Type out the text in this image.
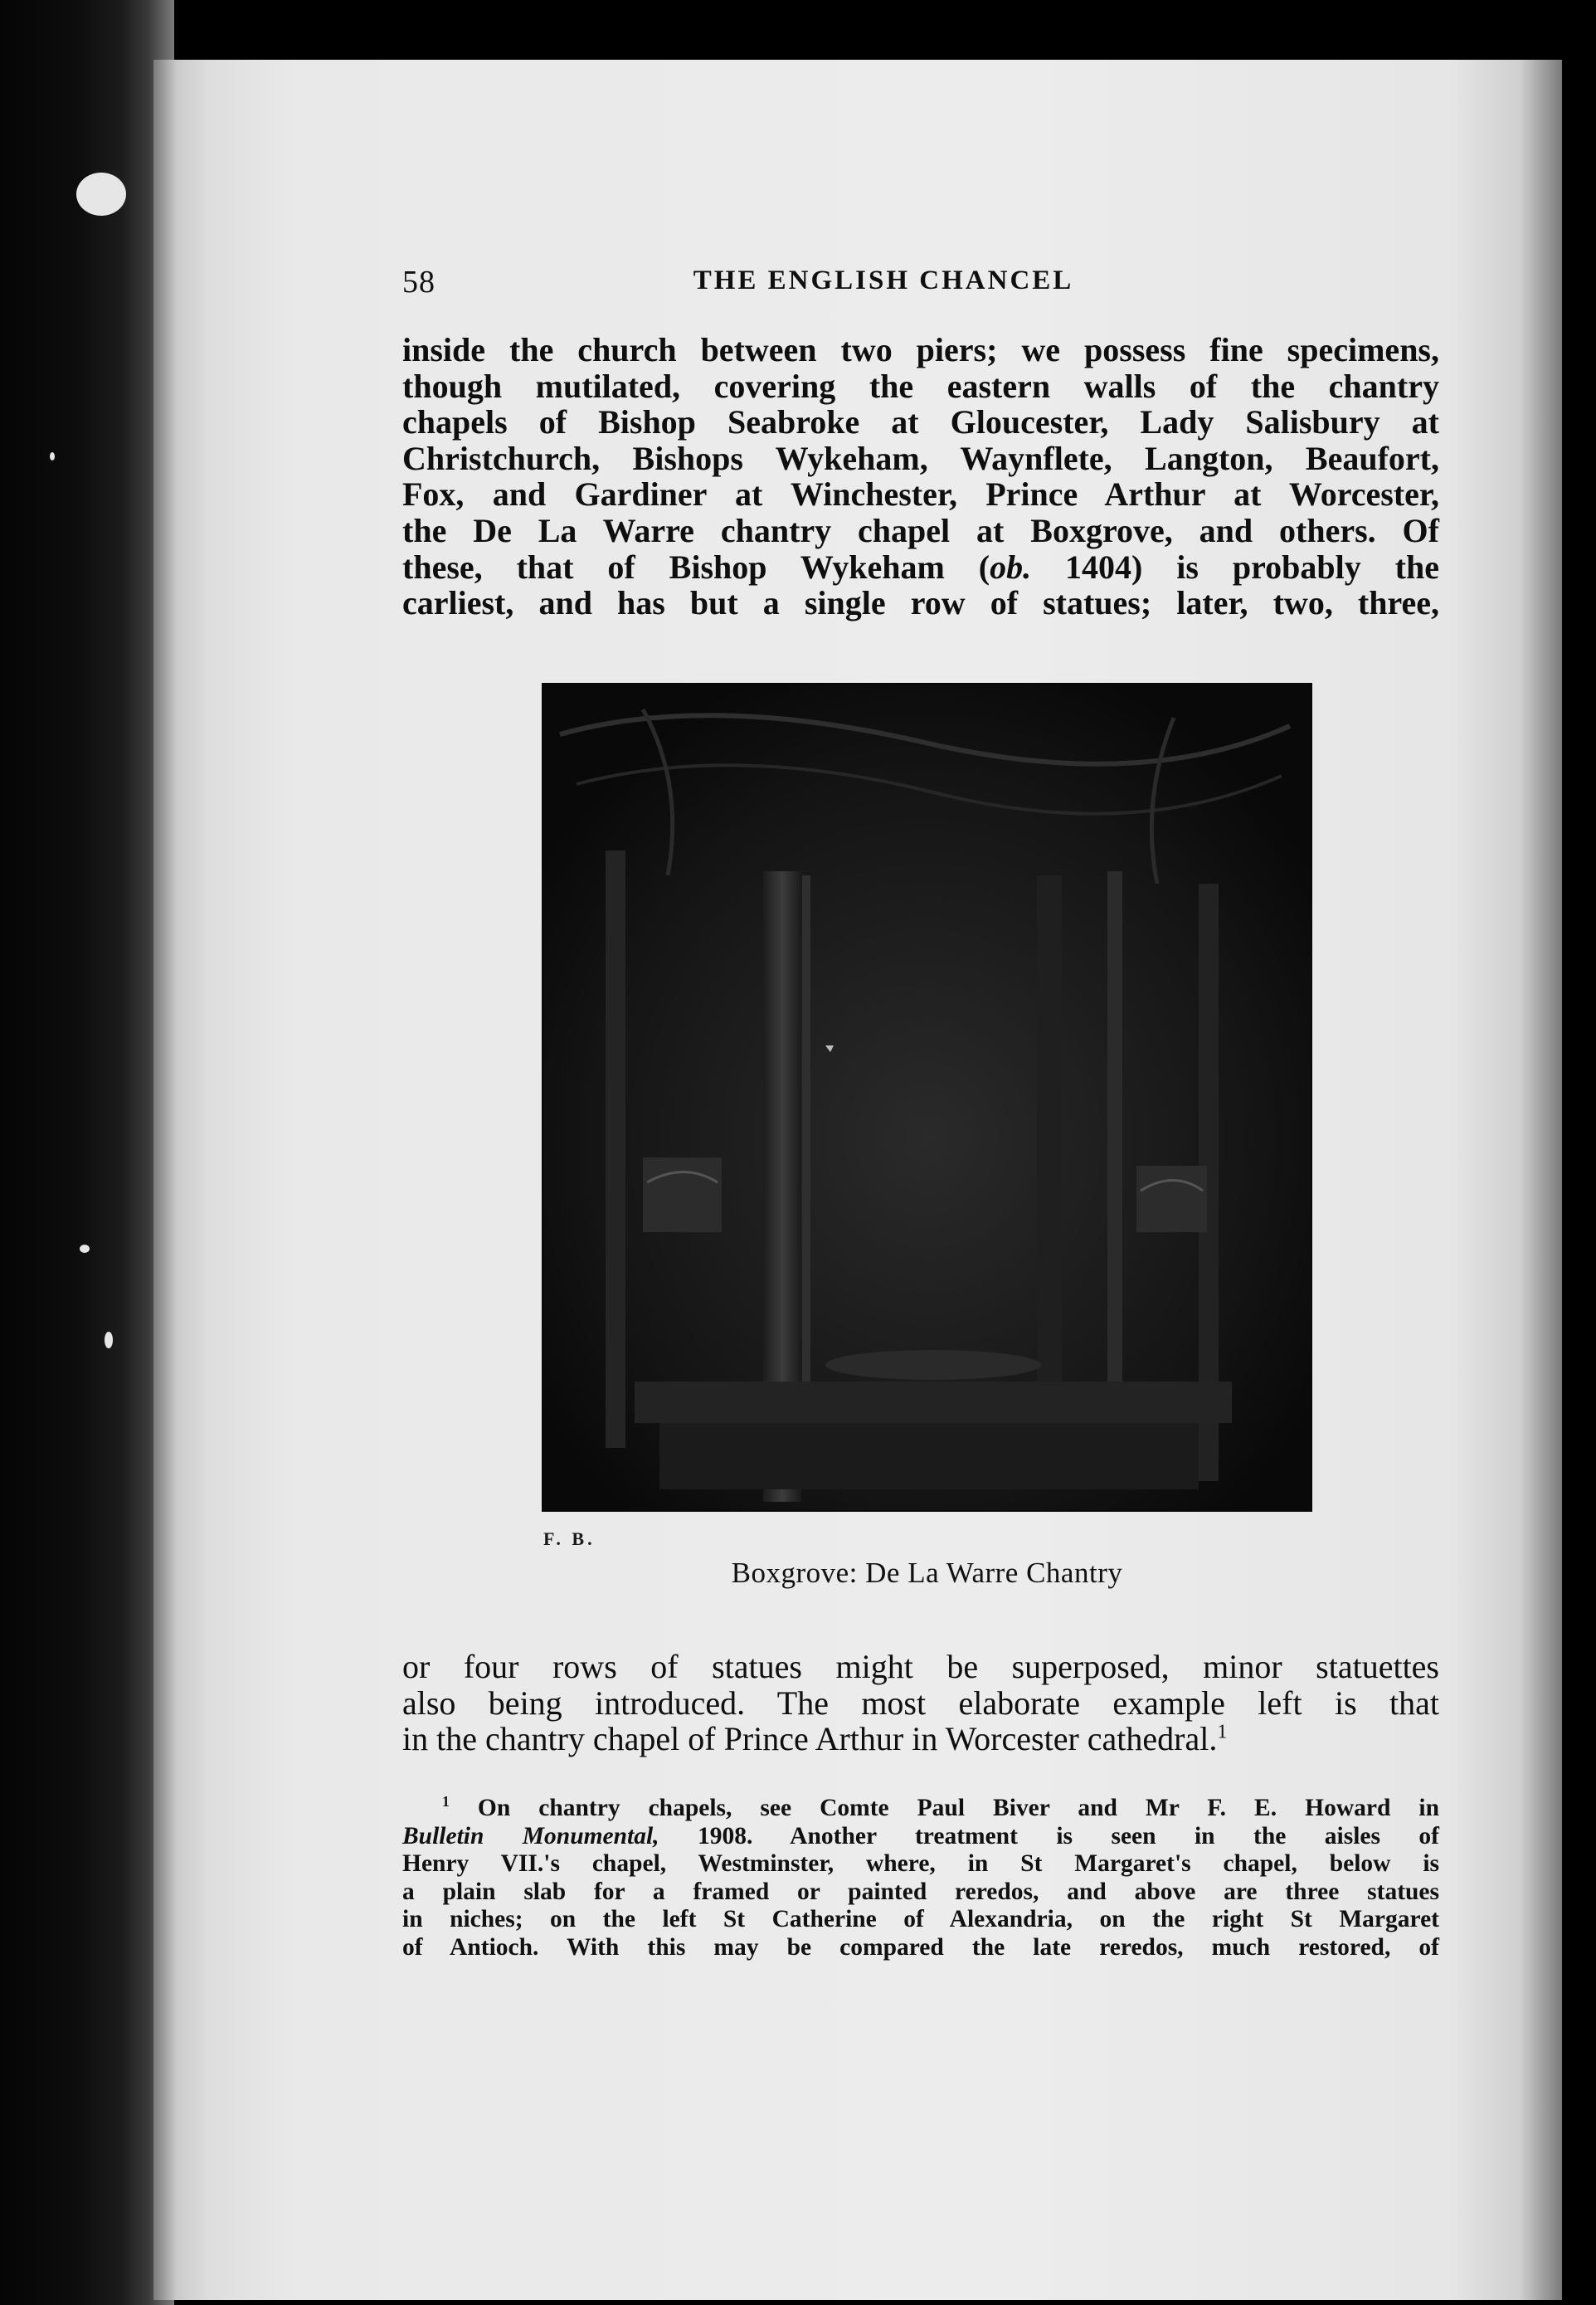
58	THE ENGLISH CHANCEL
inside the church between two piers; we possess fine specimens,
though mutilated, covering the eastern walls of the chantry
chapels of Bishop Seabroke at Gloucester, Lady Salisbury at
Christchurch, Bishops Wykeham, Waynflete, Langton, Beaufort,
Fox, and Gardiner at Winchester, Prince Arthur at Worcester,
the De La Warre chantry chapel at Boxgrove, and others. Of
these, that of Bishop Wykeham (ob. 1404) is probably the
carliest, and has but a single row of statues; later, two, three,
or four rows of statues might be superposed, minor statuettes
also being introduced. The most elaborate example left is that
in the chantry chapel of Prince Arthur in Worcester cathedral.$^1$
$^1$ On chantry chapels, see Comte Paul Biver and Mr F. E. Howard in
Bulletin Monumental, 1908. Another treatment is seen in the aisles of
Henry VII.'s chapel, Westminster, where, in St Margaret's chapel, below is
a plain slab for a framed or painted reredos, and above are three statues
in niches; on the left St Catherine of Alexandria, on the right St Margaret
of Antioch. With this may be compared the late reredos, much restored, of
F. B.
Boxgrove: De La Warre Chantry
